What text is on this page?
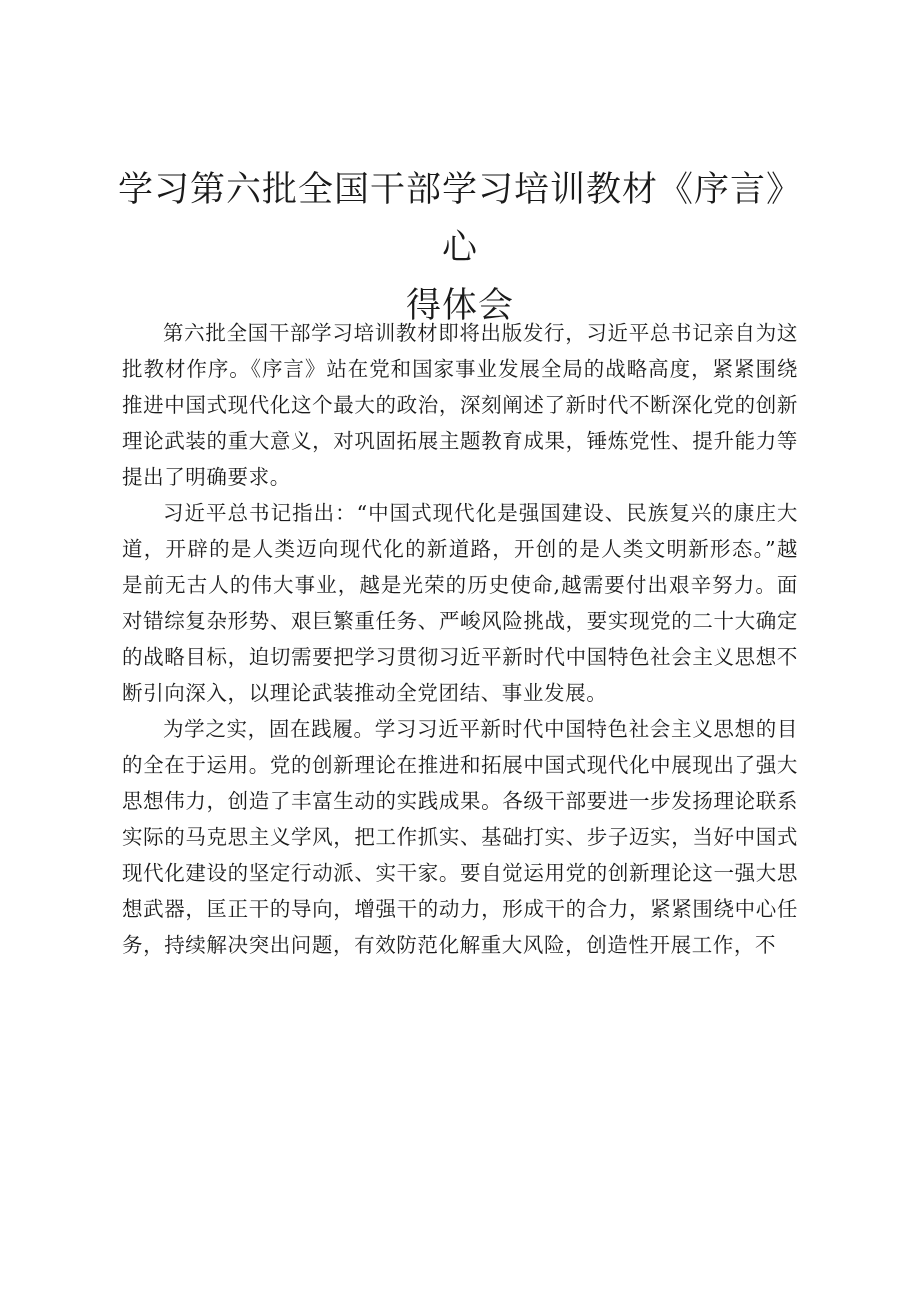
学习第六批全国干部学习培训教材《序言》心
得体会

第六批全国干部学习培训教材即将出版发行，习近平总书记亲自为这批教材作序。《序言》站在党和国家事业发展全局的战略高度，紧紧围绕推进中国式现代化这个最大的政治，深刻阐述了新时代不断深化党的创新理论武装的重大意义，对巩固拓展主题教育成果，锤炼党性、提升能力等提出了明确要求。

习近平总书记指出：“中国式现代化是强国建设、民族复兴的康庄大道，开辟的是人类迈向现代化的新道路，开创的是人类文明新形态。”越是前无古人的伟大事业，越是光荣的历史使命,越需要付出艰辛努力。面对错综复杂形势、艰巨繁重任务、严峻风险挑战，要实现党的二十大确定的战略目标，迫切需要把学习贯彻习近平新时代中国特色社会主义思想不断引向深入，以理论武装推动全党团结、事业发展。

为学之实，固在践履。学习习近平新时代中国特色社会主义思想的目的全在于运用。党的创新理论在推进和拓展中国式现代化中展现出了强大思想伟力，创造了丰富生动的实践成果。各级干部要进一步发扬理论联系实际的马克思主义学风，把工作抓实、基础打实、步子迈实，当好中国式现代化建设的坚定行动派、实干家。要自觉运用党的创新理论这一强大思想武器，匡正干的导向，增强干的动力，形成干的合力，紧紧围绕中心任务，持续解决突出问题，有效防范化解重大风险，创造性开展工作，不
